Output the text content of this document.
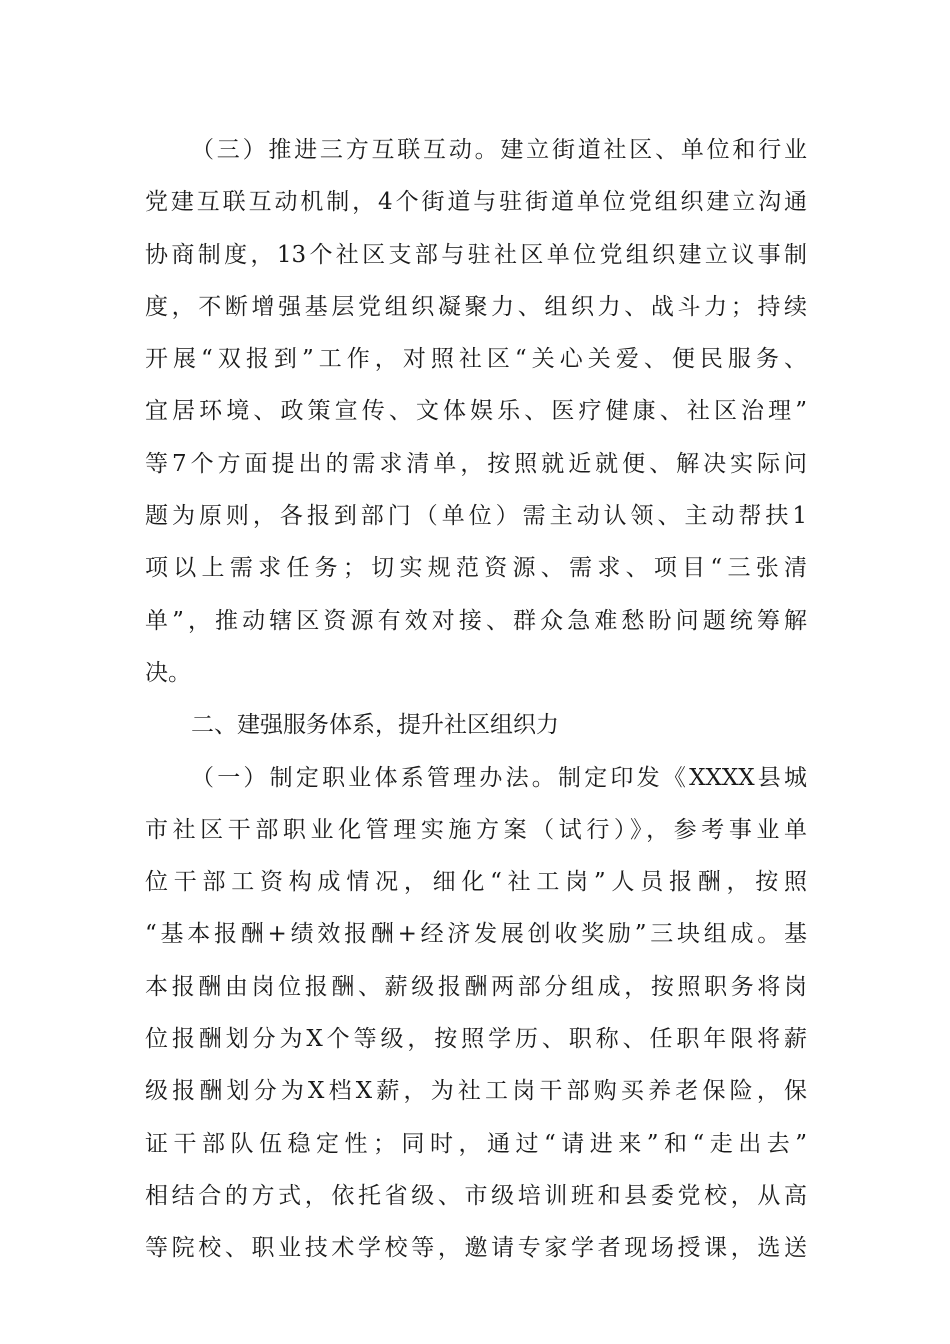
（三）推进三方互联互动。建立街道社区、单位和行业
党建互联互动机制，4个街道与驻街道单位党组织建立沟通
协商制度，13个社区支部与驻社区单位党组织建立议事制
度，不断增强基层党组织凝聚力、组织力、战斗力；持续
开展“双报到”工作，对照社区“关心关爱、便民服务、
宜居环境、政策宣传、文体娱乐、医疗健康、社区治理”
等7个方面提出的需求清单，按照就近就便、解决实际问
题为原则，各报到部门（单位）需主动认领、主动帮扶1
项以上需求任务；切实规范资源、需求、项目“三张清
单”，推动辖区资源有效对接、群众急难愁盼问题统筹解
决。
二、建强服务体系，提升社区组织力
（一）制定职业体系管理办法。制定印发《XXXX县城
市社区干部职业化管理实施方案（试行）》，参考事业单
位干部工资构成情况，细化“社工岗”人员报酬，按照
“基本报酬+绩效报酬+经济发展创收奖励”三块组成。基
本报酬由岗位报酬、薪级报酬两部分组成，按照职务将岗
位报酬划分为X个等级，按照学历、职称、任职年限将薪
级报酬划分为X档X薪，为社工岗干部购买养老保险，保
证干部队伍稳定性；同时，通过“请进来”和“走出去”
相结合的方式，依托省级、市级培训班和县委党校，从高
等院校、职业技术学校等，邀请专家学者现场授课，选送
